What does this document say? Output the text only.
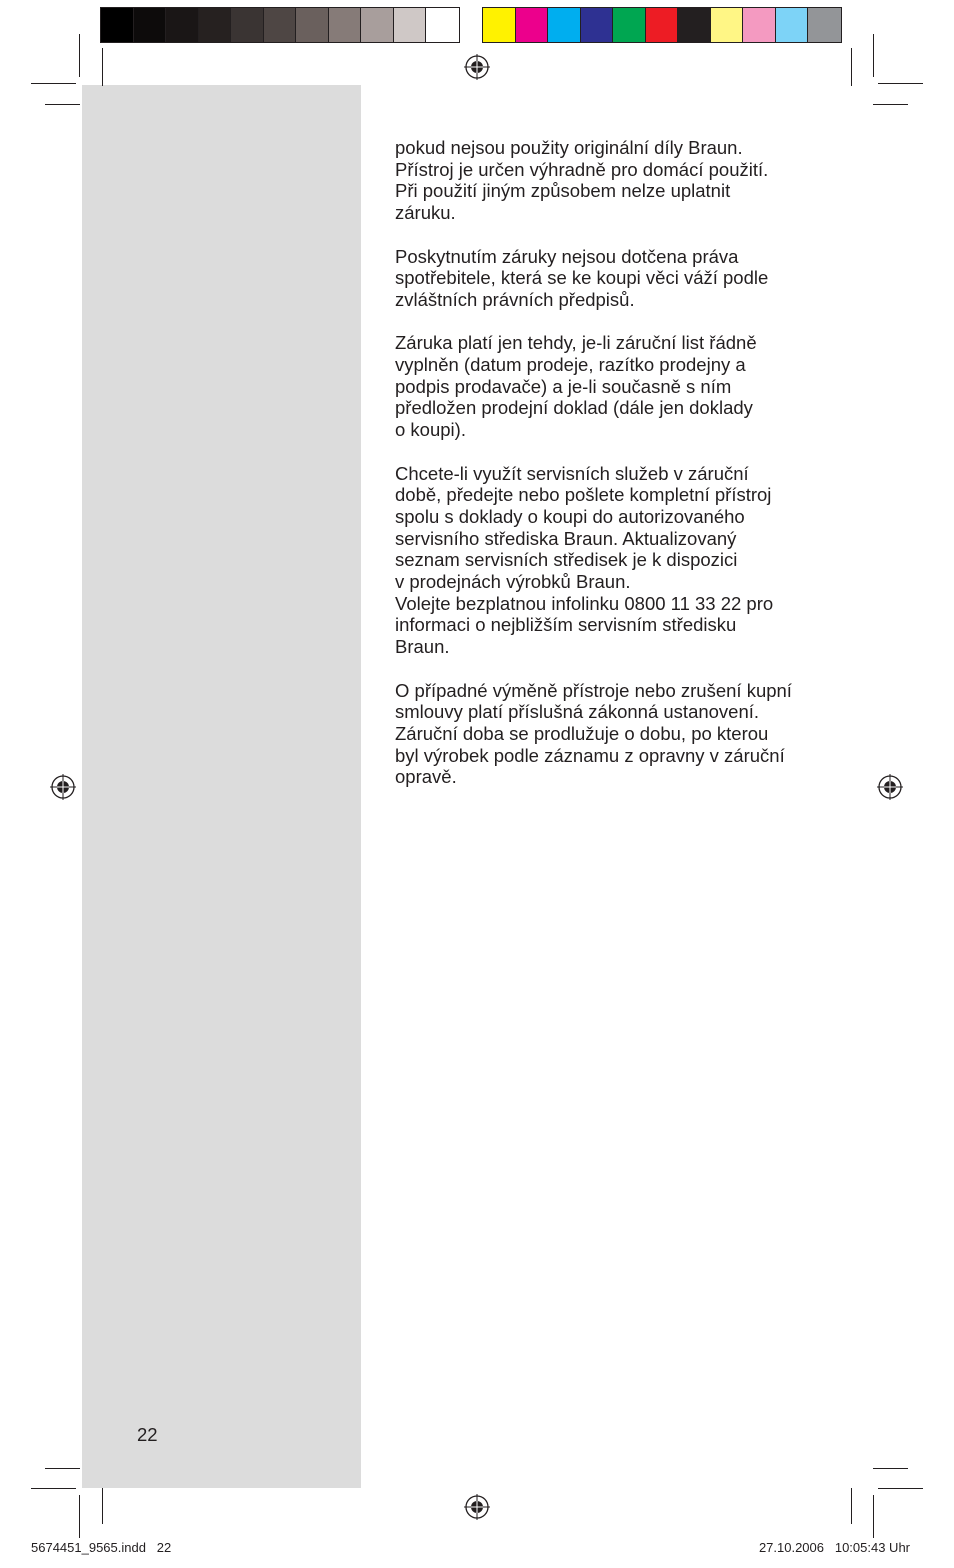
pokud nejsou použity originální díly Braun.
Přístroj je určen výhradně pro domácí použití.
Při použití jiným způsobem nelze uplatnit
záruku.

Poskytnutím záruky nejsou dotčena práva
spotřebitele, která se ke koupi věci váží podle
zvláštních právních předpisů.

Záruka platí jen tehdy, je-li záruční list řádně
vyplněn (datum prodeje, razítko prodejny a
podpis prodavače) a je-li současně s ním
předložen prodejní doklad (dále jen doklady
o koupi).

Chcete-li využít servisních služeb v záruční
době, předejte nebo pošlete kompletní přístroj
spolu s doklady o koupi do autorizovaného
servisního střediska Braun. Aktualizovaný
seznam servisních středisek je k dispozici
v prodejnách výrobků Braun.
Volejte bezplatnou infolinku 0800 11 33 22 pro
informaci o nejbližším servisním středisku
Braun.

O případné výměně přístroje nebo zrušení kupní
smlouvy platí příslušná zákonná ustanovení.
Záruční doba se prodlužuje o dobu, po kterou
byl výrobek podle záznamu z opravny v záruční
opravě.

22
5674451_9565.indd   22	27.10.2006   10:05:43 Uhr
